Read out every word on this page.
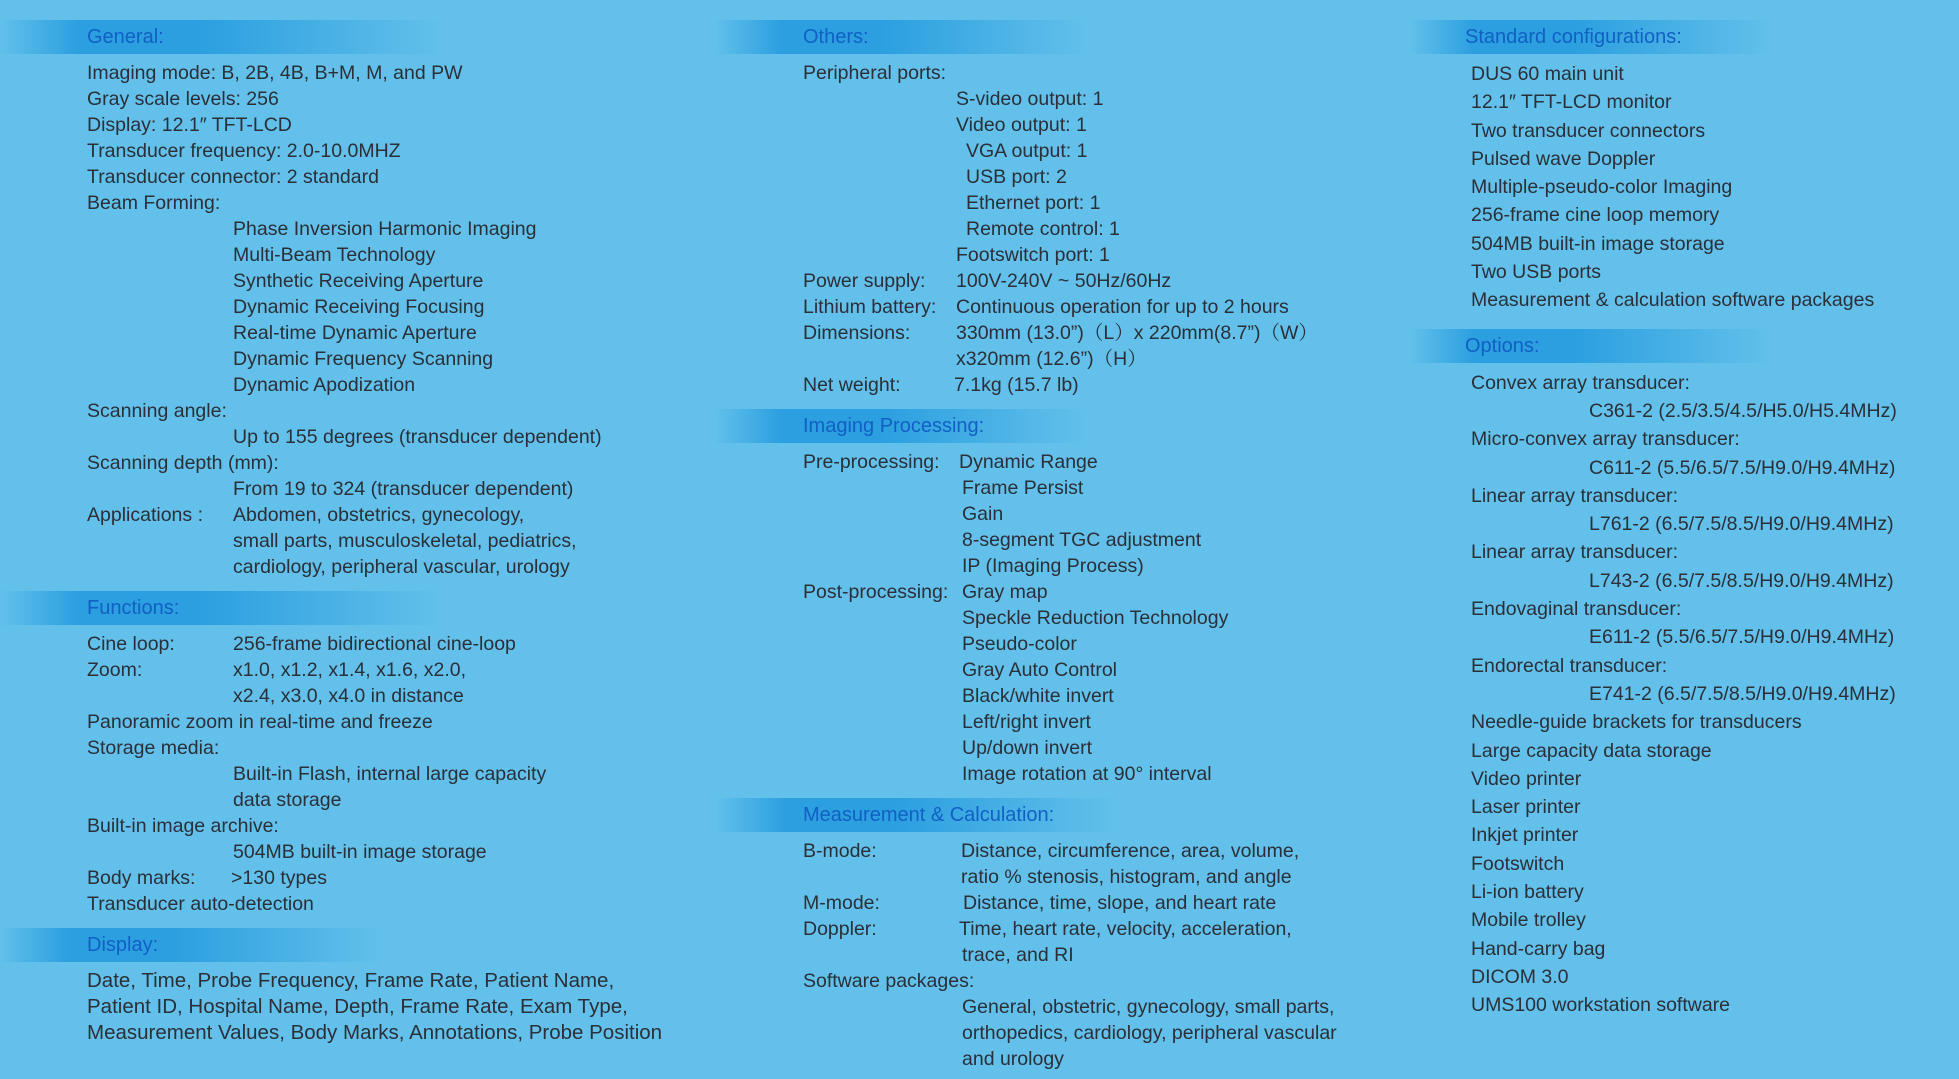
General:
Imaging mode: B, 2B, 4B, B+M, M, and PW
Gray scale levels: 256
Display: 12.1″ TFT-LCD
Transducer frequency: 2.0-10.0MHZ
Transducer connector: 2 standard
Beam Forming:
Phase Inversion Harmonic Imaging
Multi-Beam Technology
Synthetic Receiving Aperture
Dynamic Receiving Focusing
Real-time Dynamic Aperture
Dynamic Frequency Scanning
Dynamic Apodization
Scanning angle:
Up to 155 degrees (transducer dependent)
Scanning depth (mm):
From 19 to 324 (transducer dependent)
Applications :	Abdomen, obstetrics, gynecology,
small parts, musculoskeletal, pediatrics,
cardiology, peripheral vascular, urology
Functions:
Cine loop:	256-frame bidirectional cine-loop
Zoom:	x1.0, x1.2, x1.4, x1.6, x2.0,
x2.4, x3.0, x4.0 in distance
Panoramic zoom in real-time and freeze
Storage media:
Built-in Flash, internal large capacity
data storage
Built-in image archive:
504MB built-in image storage
Body marks:	>130 types
Transducer auto-detection
Display:
Date, Time, Probe Frequency, Frame Rate, Patient Name,
Patient ID, Hospital Name, Depth, Frame Rate, Exam Type,
Measurement Values, Body Marks, Annotations, Probe Position
Others:
Peripheral ports:
S-video output: 1
Video output: 1
VGA output: 1
USB port: 2
Ethernet port: 1
Remote control: 1
Footswitch port: 1
Power supply:	100V-240V ~ 50Hz/60Hz
Lithium battery:	Continuous operation for up to 2 hours
Dimensions:	330mm (13.0”)（L）x 220mm(8.7”)（W）
x320mm (12.6”)（H）
Net weight:	7.1kg (15.7 lb)
Imaging Processing:
Pre-processing: Dynamic Range
Frame Persist
Gain
8-segment TGC adjustment
IP (Imaging Process)
Post-processing: Gray map
Speckle Reduction Technology
Pseudo-color
Gray Auto Control
Black/white invert
Left/right invert
Up/down invert
Image rotation at 90° interval
Measurement & Calculation:
B-mode:	Distance, circumference, area, volume,
ratio % stenosis, histogram, and angle
M-mode:	Distance, time, slope, and heart rate
Doppler:	Time, heart rate, velocity, acceleration,
trace, and RI
Software packages:
General, obstetric, gynecology, small parts,
orthopedics, cardiology, peripheral vascular
and urology
Standard configurations:
DUS 60 main unit
12.1″ TFT-LCD monitor
Two transducer connectors
Pulsed wave Doppler
Multiple-pseudo-color Imaging
256-frame cine loop memory
504MB built-in image storage
Two USB ports
Measurement & calculation software packages
Options:
Convex array transducer:
C361-2 (2.5/3.5/4.5/H5.0/H5.4MHz)
Micro-convex array transducer:
C611-2 (5.5/6.5/7.5/H9.0/H9.4MHz)
Linear array transducer:
L761-2 (6.5/7.5/8.5/H9.0/H9.4MHz)
Linear array transducer:
L743-2 (6.5/7.5/8.5/H9.0/H9.4MHz)
Endovaginal transducer:
E611-2 (5.5/6.5/7.5/H9.0/H9.4MHz)
Endorectal transducer:
E741-2 (6.5/7.5/8.5/H9.0/H9.4MHz)
Needle-guide brackets for transducers
Large capacity data storage
Video printer
Laser printer
Inkjet printer
Footswitch
Li-ion battery
Mobile trolley
Hand-carry bag
DICOM 3.0
UMS100 workstation software
